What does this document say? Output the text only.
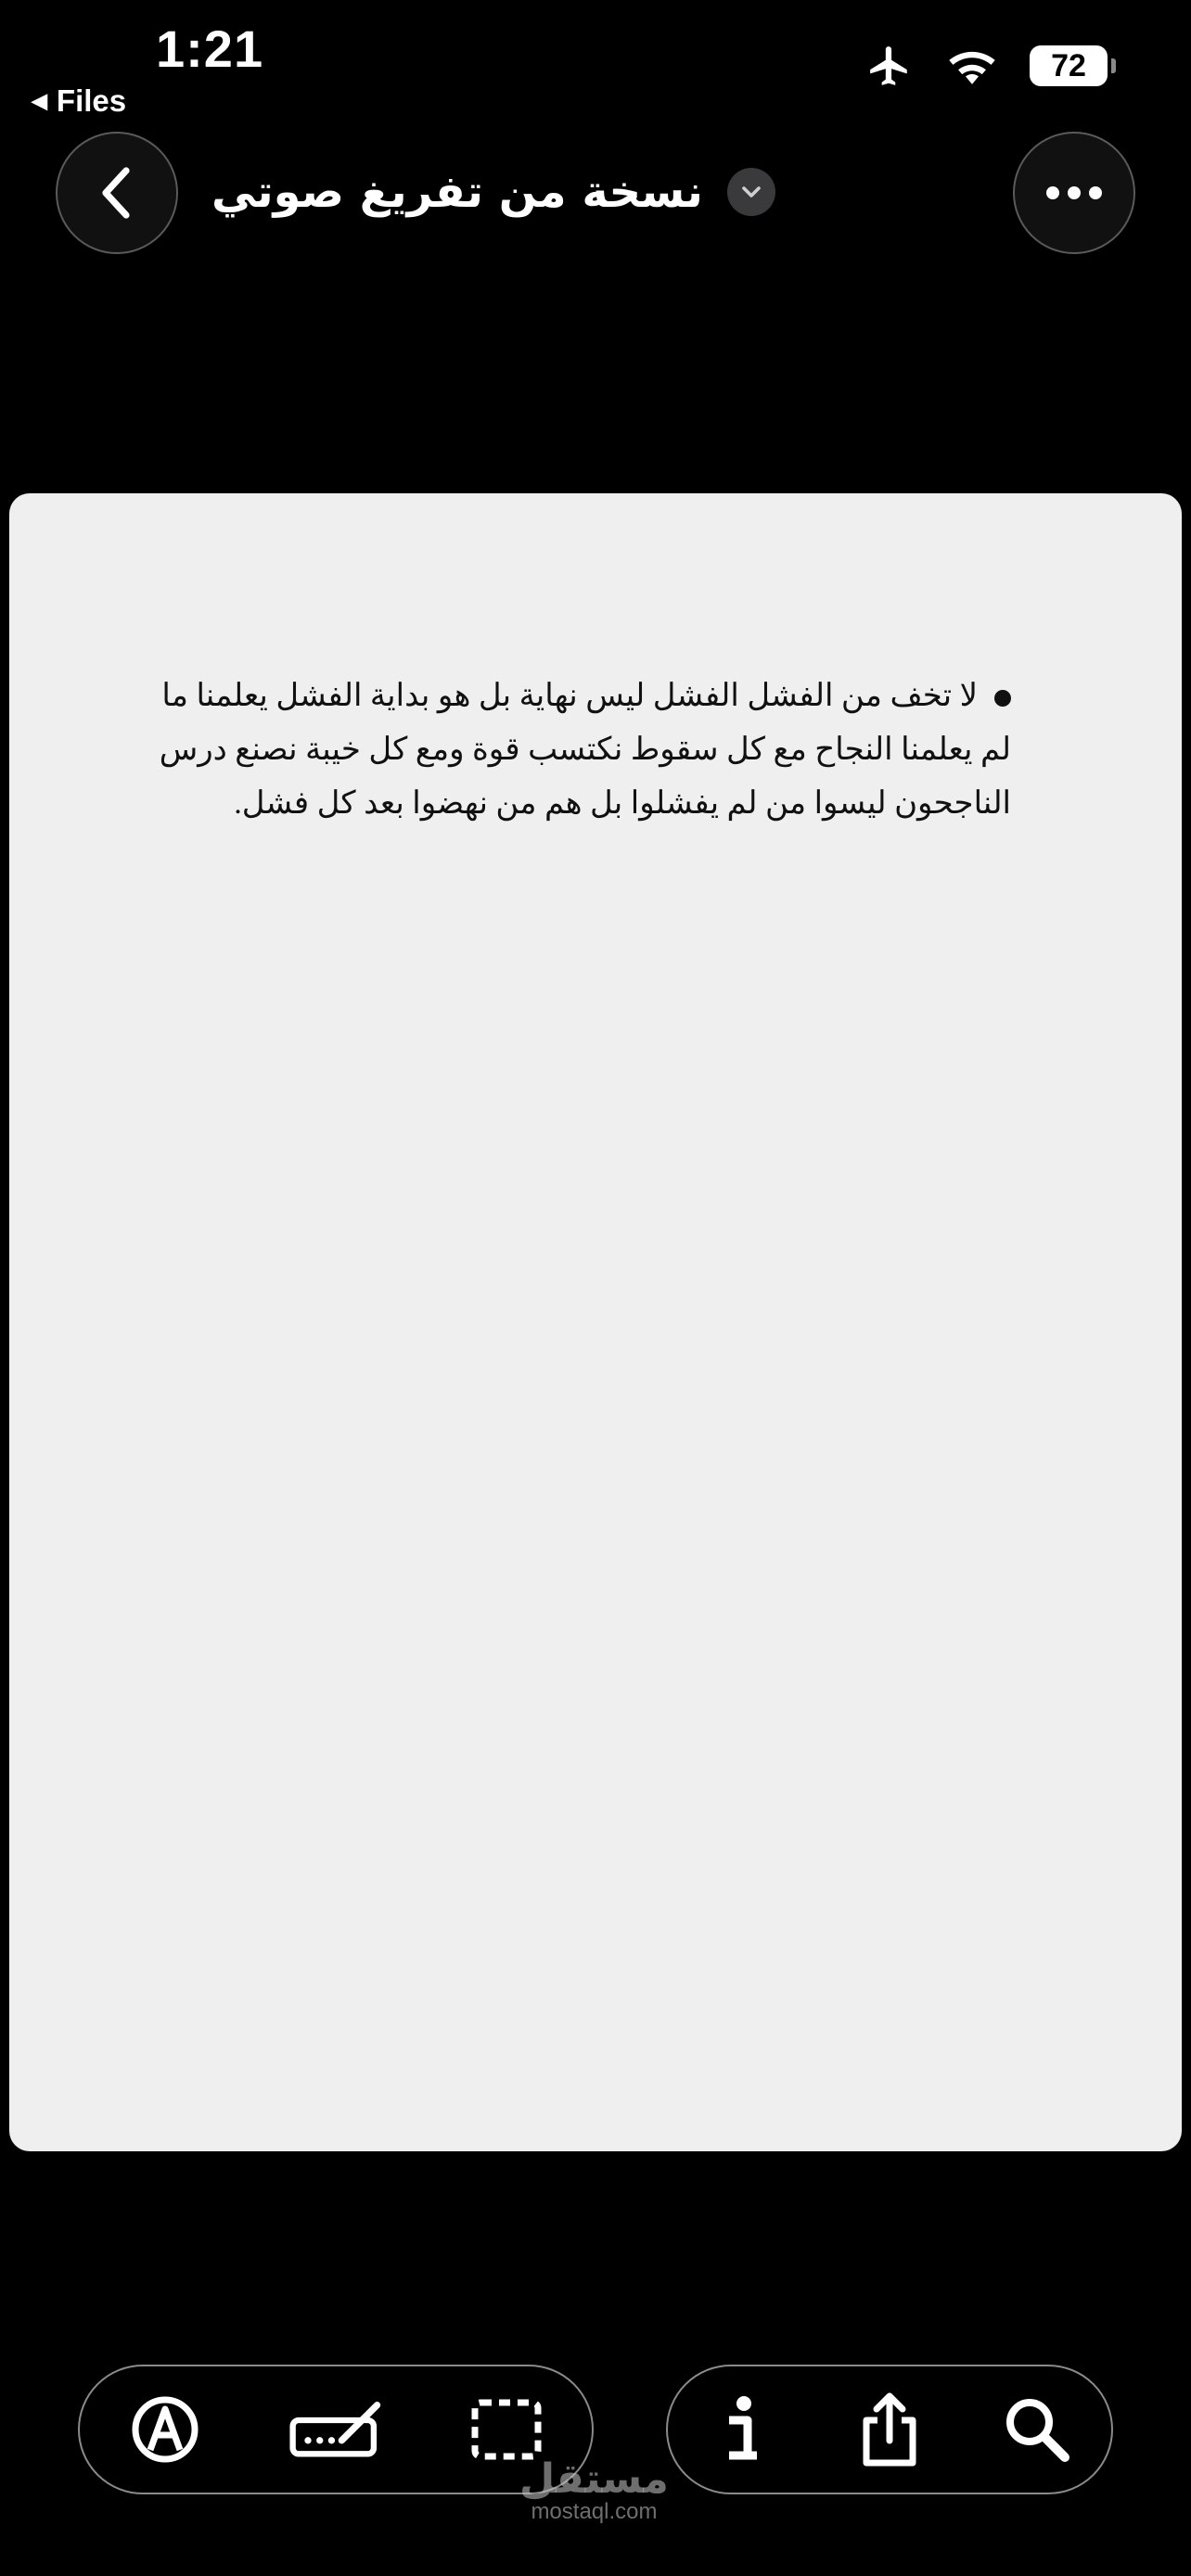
1:21
◀ Files
72
نسخة من تفريغ صوتي
لا تخف من الفشل الفشل ليس نهاية بل هو بداية الفشل يعلمنا ما لم يعلمنا النجاح مع كل سقوط نكتسب قوة ومع كل خيبة نصنع درس الناجحون ليسوا من لم يفشلوا بل هم من نهضوا بعد كل فشل.
مستقل
mostaql.com
